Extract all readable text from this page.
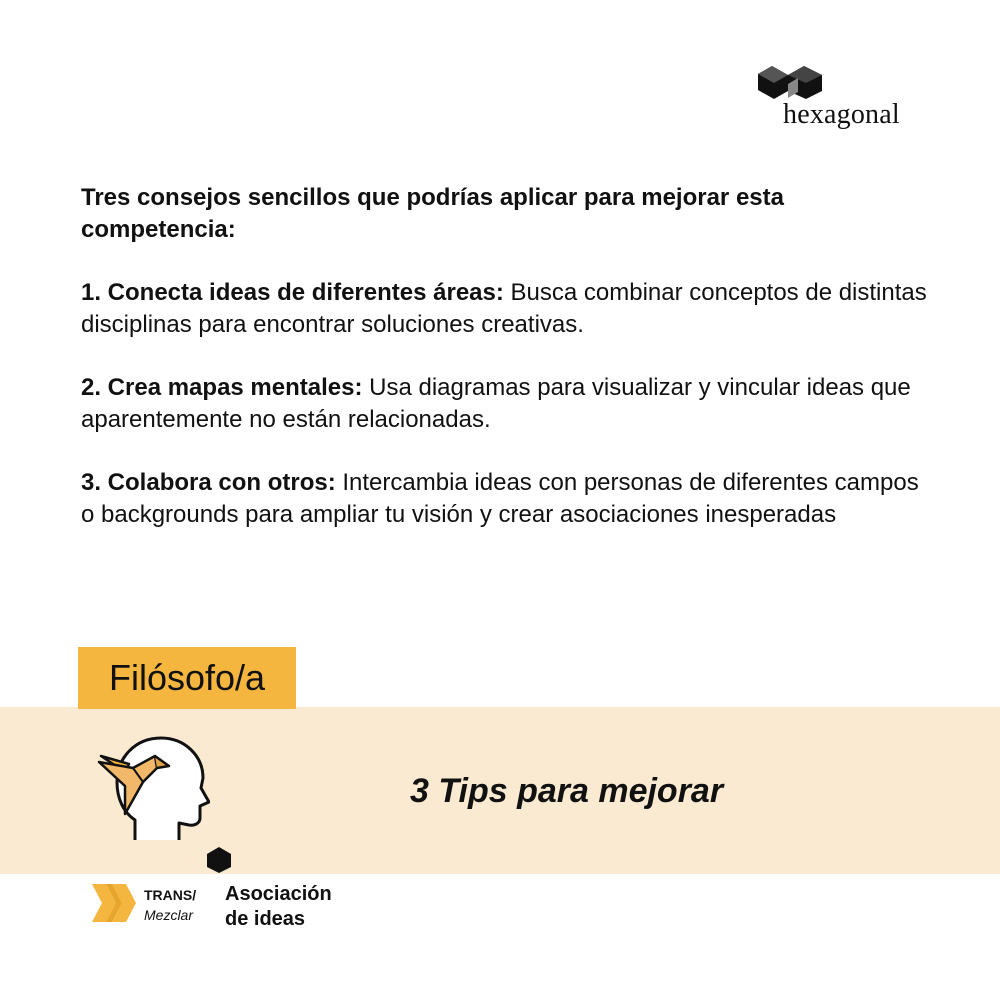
hexagonal

Tres consejos sencillos que podrías aplicar para mejorar esta competencia:

1. Conecta ideas de diferentes áreas: Busca combinar conceptos de distintas disciplinas para encontrar soluciones creativas.

2. Crea mapas mentales: Usa diagramas para visualizar y vincular ideas que aparentemente no están relacionadas.

3. Colabora con otros: Intercambia ideas con personas de diferentes campos o backgrounds para ampliar tu visión y crear asociaciones inesperadas

Filósofo/a
3 Tips para mejorar
TRANS/
Mezclar
Asociación
de ideas
